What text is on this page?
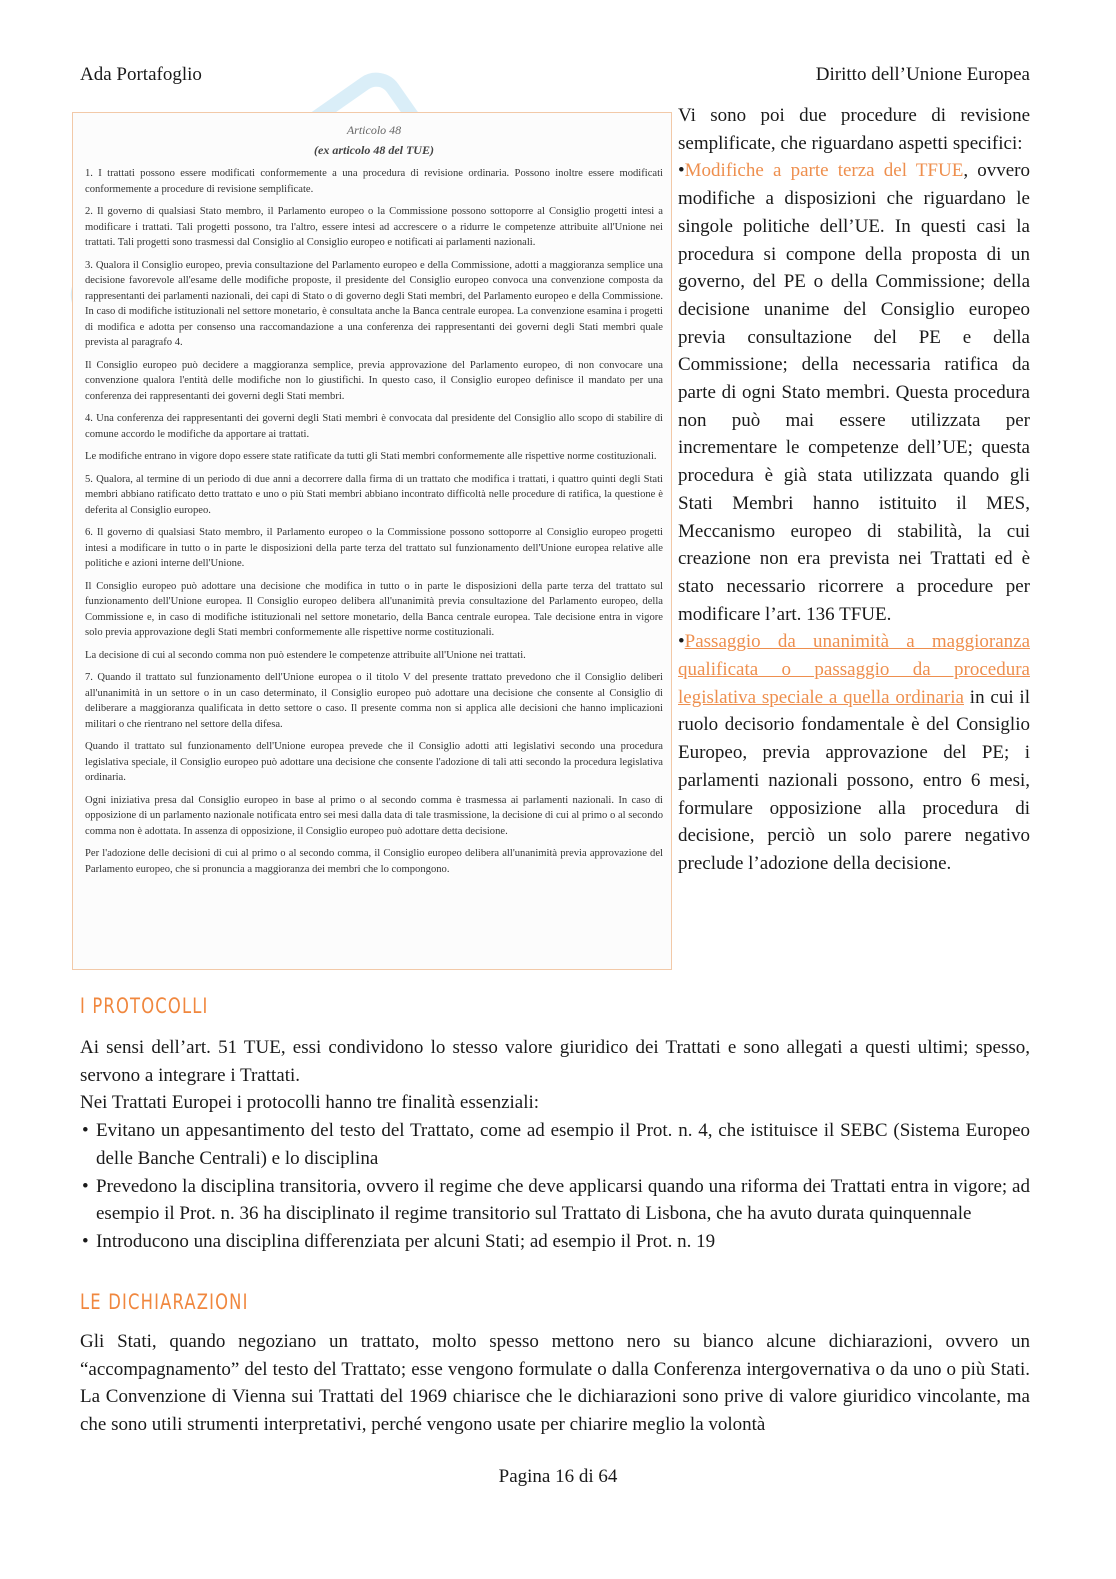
Ada Portafoglio	Diritto dell’Unione Europea

Articolo 48

(ex articolo 48 del TUE)

1. I trattati possono essere modificati conformemente a una procedura di revisione ordinaria. Possono inoltre essere modificati conformemente a procedure di revisione semplificate.

2. Il governo di qualsiasi Stato membro, il Parlamento europeo o la Commissione possono sottoporre al Consiglio progetti intesi a modificare i trattati. Tali progetti possono, tra l'altro, essere intesi ad accrescere o a ridurre le competenze attribuite all'Unione nei trattati. Tali progetti sono trasmessi dal Consiglio al Consiglio europeo e notificati ai parlamenti nazionali.

3. Qualora il Consiglio europeo, previa consultazione del Parlamento europeo e della Commissione, adotti a maggioranza semplice una decisione favorevole all'esame delle modifiche proposte, il presidente del Consiglio europeo convoca una convenzione composta da rappresentanti dei parlamenti nazionali, dei capi di Stato o di governo degli Stati membri, del Parlamento europeo e della Commissione. In caso di modifiche istituzionali nel settore monetario, è consultata anche la Banca centrale europea. La convenzione esamina i progetti di modifica e adotta per consenso una raccomandazione a una conferenza dei rappresentanti dei governi degli Stati membri quale prevista al paragrafo 4.

Il Consiglio europeo può decidere a maggioranza semplice, previa approvazione del Parlamento europeo, di non convocare una convenzione qualora l'entità delle modifiche non lo giustifichi. In questo caso, il Consiglio europeo definisce il mandato per una conferenza dei rappresentanti dei governi degli Stati membri.

4. Una conferenza dei rappresentanti dei governi degli Stati membri è convocata dal presidente del Consiglio allo scopo di stabilire di comune accordo le modifiche da apportare ai trattati.

Le modifiche entrano in vigore dopo essere state ratificate da tutti gli Stati membri conformemente alle rispettive norme costituzionali.

5. Qualora, al termine di un periodo di due anni a decorrere dalla firma di un trattato che modifica i trattati, i quattro quinti degli Stati membri abbiano ratificato detto trattato e uno o più Stati membri abbiano incontrato difficoltà nelle procedure di ratifica, la questione è deferita al Consiglio europeo.

6. Il governo di qualsiasi Stato membro, il Parlamento europeo o la Commissione possono sottoporre al Consiglio europeo progetti intesi a modificare in tutto o in parte le disposizioni della parte terza del trattato sul funzionamento dell'Unione europea relative alle politiche e azioni interne dell'Unione.

Il Consiglio europeo può adottare una decisione che modifica in tutto o in parte le disposizioni della parte terza del trattato sul funzionamento dell'Unione europea. Il Consiglio europeo delibera all'unanimità previa consultazione del Parlamento europeo, della Commissione e, in caso di modifiche istituzionali nel settore monetario, della Banca centrale europea. Tale decisione entra in vigore solo previa approvazione degli Stati membri conformemente alle rispettive norme costituzionali.

La decisione di cui al secondo comma non può estendere le competenze attribuite all'Unione nei trattati.

7. Quando il trattato sul funzionamento dell'Unione europea o il titolo V del presente trattato prevedono che il Consiglio deliberi all'unanimità in un settore o in un caso determinato, il Consiglio europeo può adottare una decisione che consente al Consiglio di deliberare a maggioranza qualificata in detto settore o caso. Il presente comma non si applica alle decisioni che hanno implicazioni militari o che rientrano nel settore della difesa.

Quando il trattato sul funzionamento dell'Unione europea prevede che il Consiglio adotti atti legislativi secondo una procedura legislativa speciale, il Consiglio europeo può adottare una decisione che consente l'adozione di tali atti secondo la procedura legislativa ordinaria.

Ogni iniziativa presa dal Consiglio europeo in base al primo o al secondo comma è trasmessa ai parlamenti nazionali. In caso di opposizione di un parlamento nazionale notificata entro sei mesi dalla data di tale trasmissione, la decisione di cui al primo o al secondo comma non è adottata. In assenza di opposizione, il Consiglio europeo può adottare detta decisione.

Per l'adozione delle decisioni di cui al primo o al secondo comma, il Consiglio europeo delibera all'unanimità previa approvazione del Parlamento europeo, che si pronuncia a maggioranza dei membri che lo compongono.

Vi sono poi due procedure di revisione semplificate, che riguardano aspetti specifici:

•Modifiche a parte terza del TFUE, ovvero modifiche a disposizioni che riguardano le singole politiche dell’UE. In questi casi la procedura si compone della proposta di un governo, del PE o della Commissione; della decisione unanime del Consiglio europeo previa consultazione del PE e della Commissione; della necessaria ratifica da parte di ogni Stato membri. Questa procedura non può mai essere utilizzata per incrementare le competenze dell’UE; questa procedura è già stata utilizzata quando gli Stati Membri hanno istituito il MES, Meccanismo europeo di stabilità, la cui creazione non era prevista nei Trattati ed è stato necessario ricorrere a procedure per modificare l’art. 136 TFUE.

•Passaggio da unanimità a maggioranza qualificata o passaggio da procedura legislativa speciale a quella ordinaria in cui il ruolo decisorio fondamentale è del Consiglio Europeo, previa approvazione del PE; i parlamenti nazionali possono, entro 6 mesi, formulare opposizione alla procedura di decisione, perciò un solo parere negativo preclude l’adozione della decisione.

I PROTOCOLLI

Ai sensi dell’art. 51 TUE, essi condividono lo stesso valore giuridico dei Trattati e sono allegati a questi ultimi; spesso, servono a integrare i Trattati.

Nei Trattati Europei i protocolli hanno tre finalità essenziali:

• Evitano un appesantimento del testo del Trattato, come ad esempio il Prot. n. 4, che istituisce il SEBC (Sistema Europeo delle Banche Centrali) e lo disciplina
• Prevedono la disciplina transitoria, ovvero il regime che deve applicarsi quando una riforma dei Trattati entra in vigore; ad esempio il Prot. n. 36 ha disciplinato il regime transitorio sul Trattato di Lisbona, che ha avuto durata quinquennale
• Introducono una disciplina differenziata per alcuni Stati; ad esempio il Prot. n. 19
LE DICHIARAZIONI

Gli Stati, quando negoziano un trattato, molto spesso mettono nero su bianco alcune dichiarazioni, ovvero un “accompagnamento” del testo del Trattato; esse vengono formulate o dalla Conferenza intergovernativa o da uno o più Stati. La Convenzione di Vienna sui Trattati del 1969 chiarisce che le dichiarazioni sono prive di valore giuridico vincolante, ma che sono utili strumenti interpretativi, perché vengono usate per chiarire meglio la volontà

Pagina 16 di 64
